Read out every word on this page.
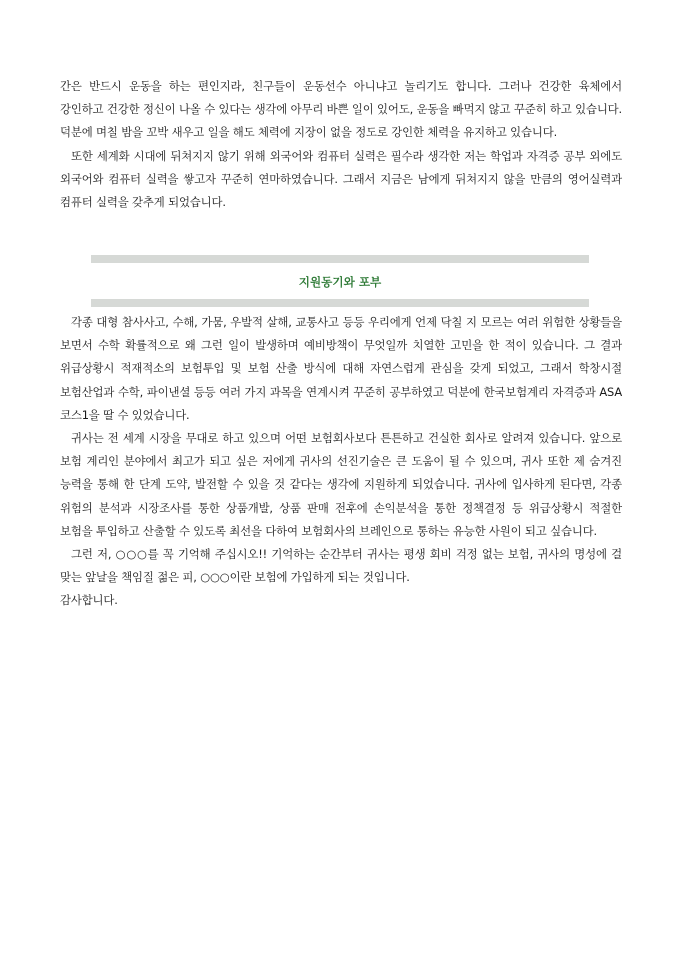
간은 반드시 운동을 하는 편인지라, 친구들이 운동선수 아니냐고 놀리기도 합니다. 그러나 건강한 육체에서 강인하고 건강한 정신이 나올 수 있다는 생각에 아무리 바쁜 일이 있어도, 운동을 빠먹지 않고 꾸준히 하고 있습니다. 덕분에 며칠 밤을 꼬박 새우고 일을 해도 체력에 지장이 없을 정도로 강인한 체력을 유지하고 있습니다.

또한 세계화 시대에 뒤쳐지지 않기 위해 외국어와 컴퓨터 실력은 필수라 생각한 저는 학업과 자격증 공부 외에도 외국어와 컴퓨터 실력을 쌓고자 꾸준히 연마하였습니다. 그래서 지금은 남에게 뒤쳐지지 않을 만큼의 영어실력과 컴퓨터 실력을 갖추게 되었습니다.

지원동기와 포부

각종 대형 참사사고, 수해, 가뭄, 우발적 살해, 교통사고 등등 우리에게 언제 닥칠 지 모르는 여러 위험한 상황들을 보면서 수학 확률적으로 왜 그런 일이 발생하며 예비방책이 무엇일까 치열한 고민을 한 적이 있습니다. 그 결과 위급상황시 적재적소의 보험투입 및 보험 산출 방식에 대해 자연스럽게 관심을 갖게 되었고, 그래서 학창시절 보험산업과 수학, 파이낸셜 등등 여러 가지 과목을 연계시켜 꾸준히 공부하였고 덕분에 한국보험계리 자격증과 ASA 코스1을 딸 수 있었습니다.

귀사는 전 세계 시장을 무대로 하고 있으며 어떤 보험회사보다 튼튼하고 건실한 회사로 알려져 있습니다. 앞으로 보험 계리인 분야에서 최고가 되고 싶은 저에게 귀사의 선진기술은 큰 도움이 될 수 있으며, 귀사 또한 제 숨겨진 능력을 통해 한 단계 도약, 발전할 수 있을 것 같다는 생각에 지원하게 되었습니다. 귀사에 입사하게 된다면, 각종 위험의 분석과 시장조사를 통한 상품개발, 상품 판매 전후에 손익분석을 통한 정책결정 등 위급상황시 적절한 보험을 투입하고 산출할 수 있도록 최선을 다하여 보험회사의 브레인으로 통하는 유능한 사원이 되고 싶습니다.

그런 저, ○○○를 꼭 기억해 주십시오!! 기억하는 순간부터 귀사는 평생 회비 걱정 없는 보험, 귀사의 명성에 걸 맞는 앞날을 책임질 젊은 피, ○○○이란 보험에 가입하게 되는 것입니다.

감사합니다.
